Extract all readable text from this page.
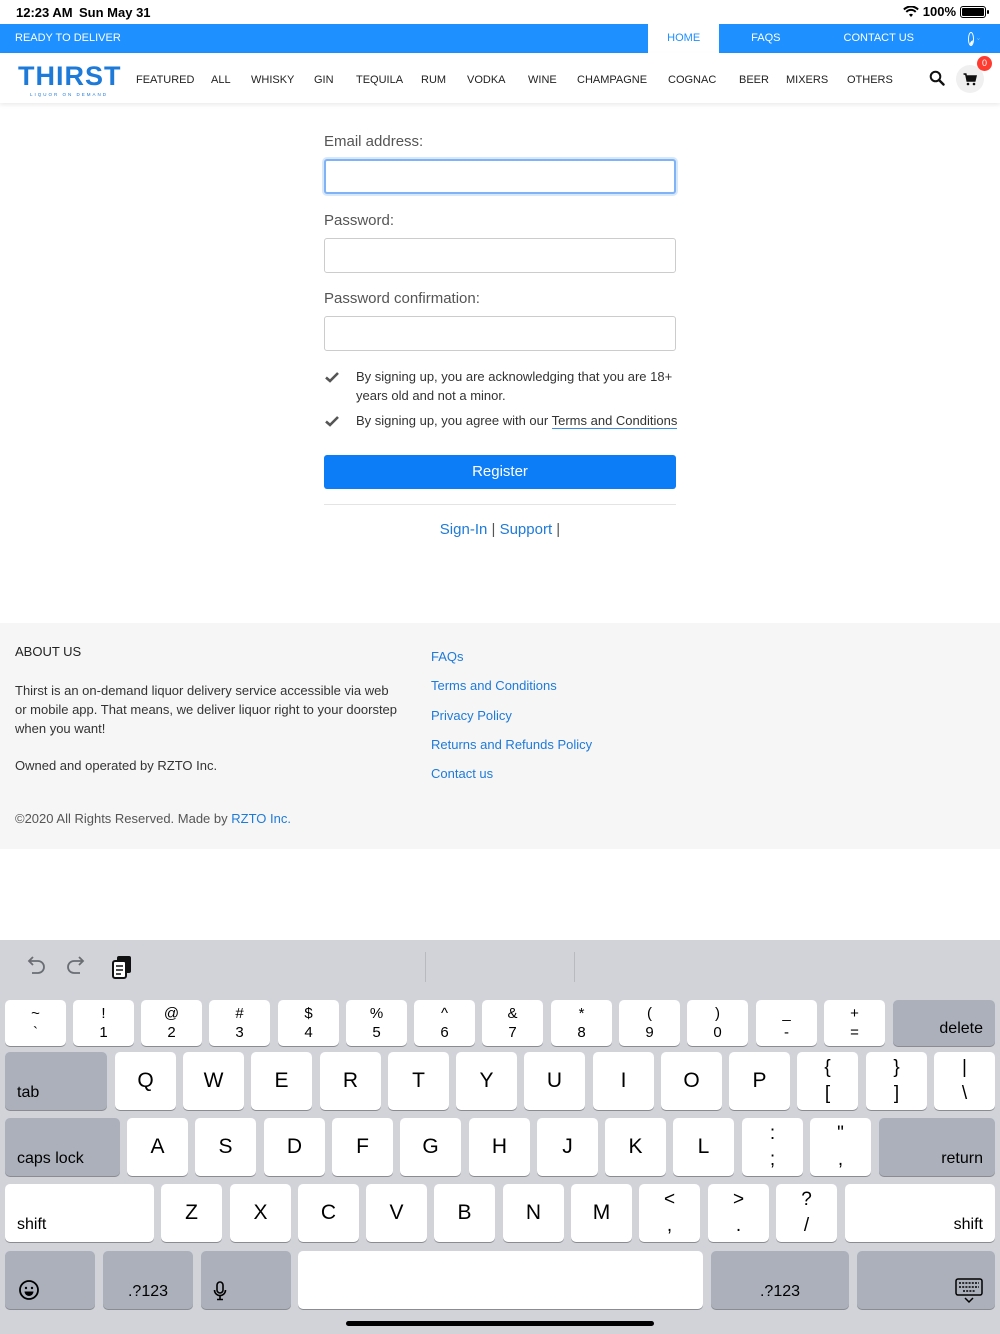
12:23 AM Sun May 31	100%
READY TO DELIVER	HOME	FAQS	CONTACT US
THIRST
LIQUOR ON DEMAND
FEATURED ALL WHISKY GIN TEQUILA RUM VODKA WINE CHAMPAGNE COGNAC BEER MIXERS OTHERS
0
Email address:
Password:
Password confirmation:
By signing up, you are acknowledging that you are 18+ years old and not a minor.
By signing up, you agree with our Terms and Conditions
Register
Sign-In | Support |
ABOUT US
Thirst is an on-demand liquor delivery service accessible via web or mobile app. That means, we deliver liquor right to your doorstep when you want!
Owned and operated by RZTO Inc.
©2020 All Rights Reserved. Made by RZTO Inc.
FAQs
Terms and Conditions
Privacy Policy
Returns and Refunds Policy
Contact us
~
`
!
1
@
2
#
3
$
4
%
5
^
6
&
7
*
8
(
9
)
0
_
-
+
=	delete
tab
Q	W	E	R	T	Y	U	I	O	P
{
[
}
]
|
\
caps lock
A	S	D	F	G	H	J	K	L
:
;
"
,	return
shift
Z	X	C	V	B	N	M
<
,
>
.
?
/	shift
.?123	.?123
